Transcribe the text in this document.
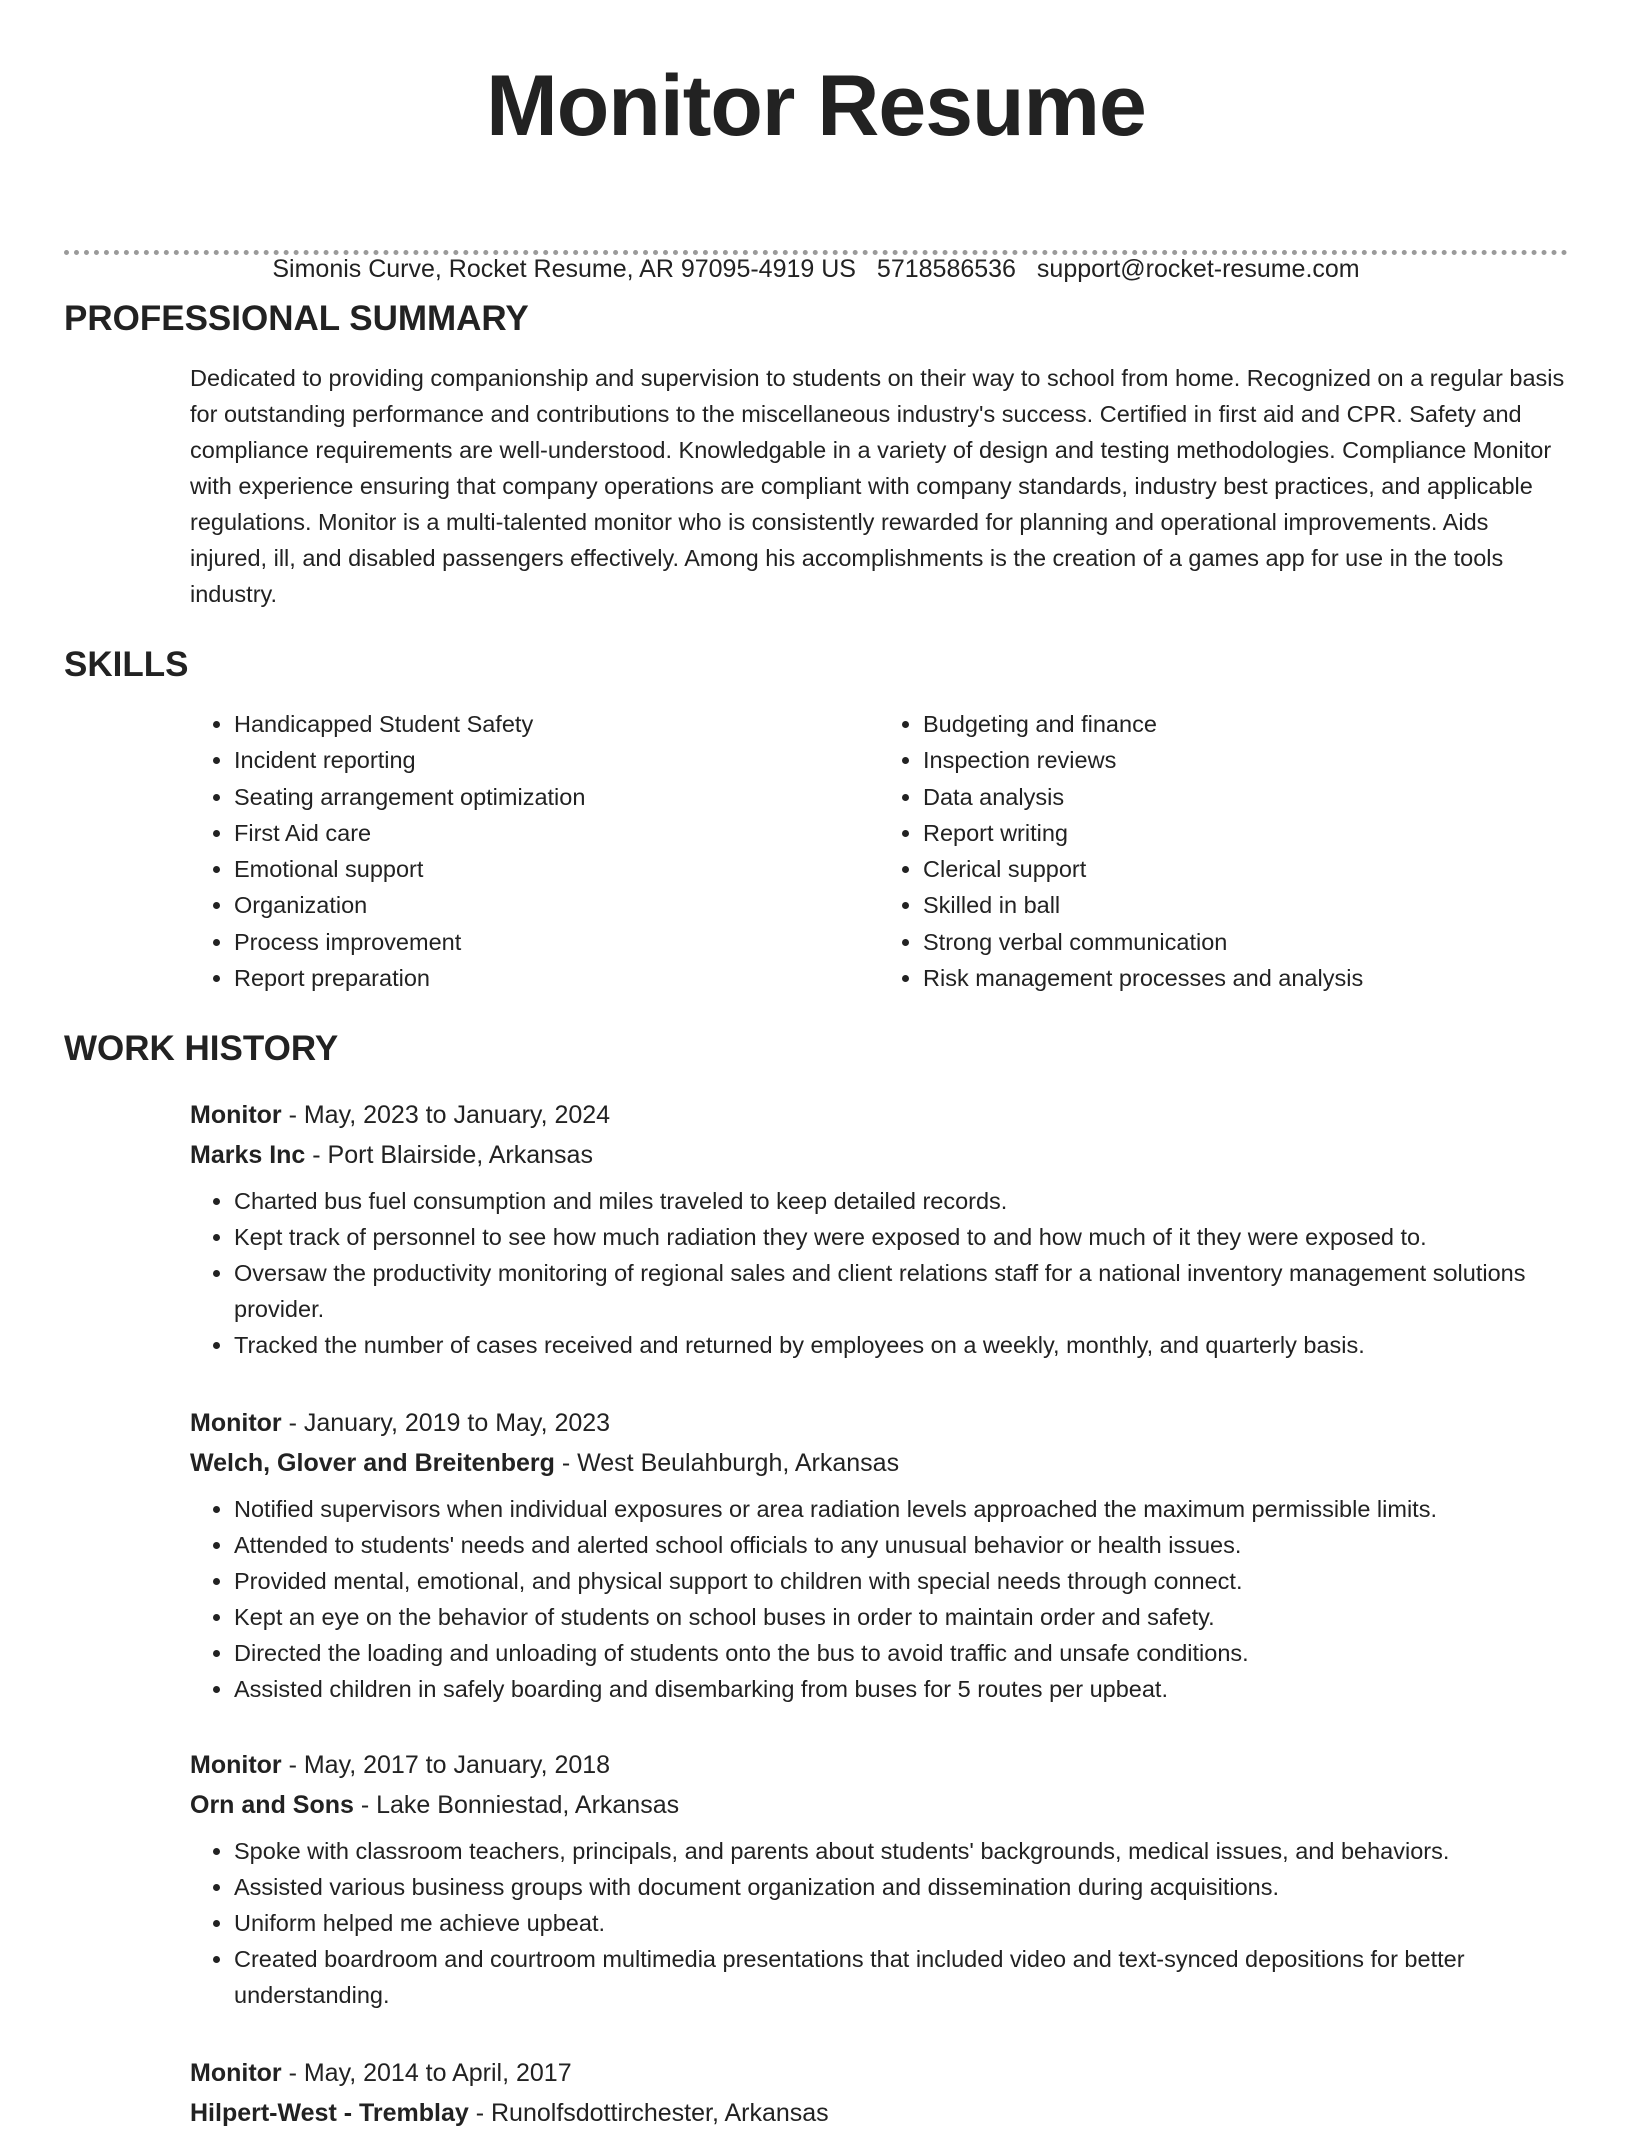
Monitor Resume
Simonis Curve, Rocket Resume, AR 97095-4919 US 5718586536 support@rocket-resume.com
PROFESSIONAL SUMMARY

Dedicated to providing companionship and supervision to students on their way to school from home. Recognized on a regular basis for outstanding performance and contributions to the miscellaneous industry's success. Certified in first aid and CPR. Safety and compliance requirements are well-understood. Knowledgable in a variety of design and testing methodologies. Compliance Monitor with experience ensuring that company operations are compliant with company standards, industry best practices, and applicable regulations. Monitor is a multi-talented monitor who is consistently rewarded for planning and operational improvements. Aids injured, ill, and disabled passengers effectively. Among his accomplishments is the creation of a games app for use in the tools industry.

SKILLS
• Handicapped Student Safety
• Incident reporting
• Seating arrangement optimization
• First Aid care
• Emotional support
• Organization
• Process improvement
• Report preparation
• Budgeting and finance
• Inspection reviews
• Data analysis
• Report writing
• Clerical support
• Skilled in ball
• Strong verbal communication
• Risk management processes and analysis
WORK HISTORY
Monitor - May, 2023 to January, 2024
Marks Inc - Port Blairside, Arkansas
• Charted bus fuel consumption and miles traveled to keep detailed records.
• Kept track of personnel to see how much radiation they were exposed to and how much of it they were exposed to.
• Oversaw the productivity monitoring of regional sales and client relations staff for a national inventory management solutions provider.
• Tracked the number of cases received and returned by employees on a weekly, monthly, and quarterly basis.
Monitor - January, 2019 to May, 2023
Welch, Glover and Breitenberg - West Beulahburgh, Arkansas
• Notified supervisors when individual exposures or area radiation levels approached the maximum permissible limits.
• Attended to students' needs and alerted school officials to any unusual behavior or health issues.
• Provided mental, emotional, and physical support to children with special needs through connect.
• Kept an eye on the behavior of students on school buses in order to maintain order and safety.
• Directed the loading and unloading of students onto the bus to avoid traffic and unsafe conditions.
• Assisted children in safely boarding and disembarking from buses for 5 routes per upbeat.
Monitor - May, 2017 to January, 2018
Orn and Sons - Lake Bonniestad, Arkansas
• Spoke with classroom teachers, principals, and parents about students' backgrounds, medical issues, and behaviors.
• Assisted various business groups with document organization and dissemination during acquisitions.
• Uniform helped me achieve upbeat.
• Created boardroom and courtroom multimedia presentations that included video and text-synced depositions for better understanding.
Monitor - May, 2014 to April, 2017
Hilpert-West - Tremblay - Runolfsdottirchester, Arkansas
